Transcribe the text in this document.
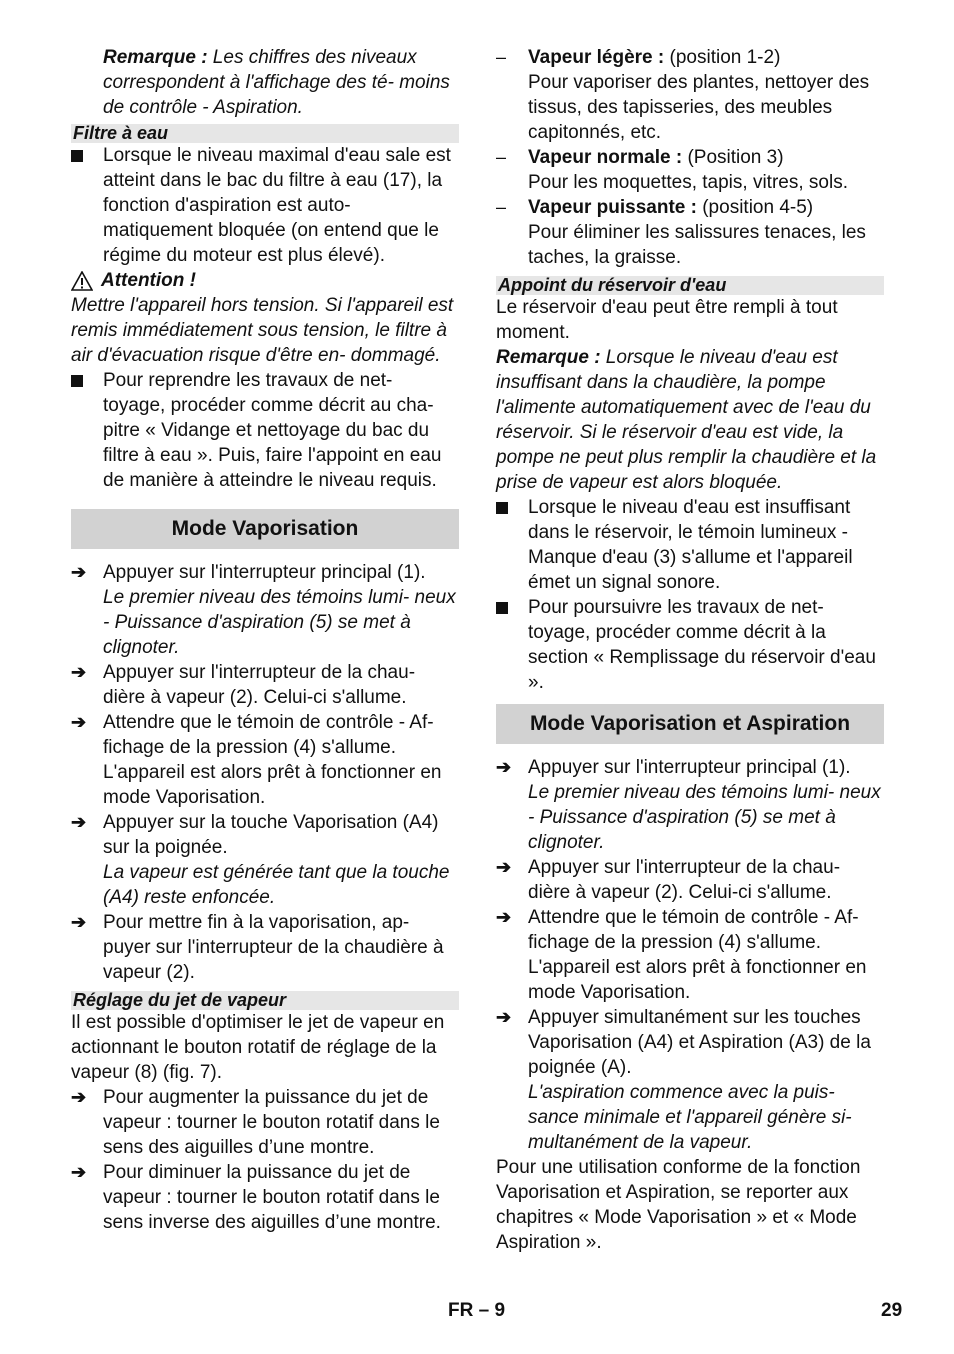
Remarque : Les chiffres des niveaux correspondent à l'affichage des té- moins de contrôle - Aspiration.

Filtre à eau

Lorsque le niveau maximal d'eau sale est atteint dans le bac du filtre à eau (17), la fonction d'aspiration est auto- matiquement bloquée (on entend que le régime du moteur est plus élevé).
Attention !

Mettre l'appareil hors tension. Si l'appareil est remis immédiatement sous tension, le filtre à air d'évacuation risque d'être en- dommagé.

Pour reprendre les travaux de net- toyage, procéder comme décrit au cha- pitre « Vidange et nettoyage du bac du filtre à eau ». Puis, faire l'appoint en eau de manière à atteindre le niveau requis.
Mode Vaporisation
➔ Appuyer sur l'interrupteur principal (1).
Le premier niveau des témoins lumi- neux - Puissance d'aspiration (5) se met à clignoter.
➔ Appuyer sur l'interrupteur de la chau- dière à vapeur (2). Celui-ci s'allume.
➔ Attendre que le témoin de contrôle - Af- fichage de la pression (4) s'allume. L'appareil est alors prêt à fonctionner en mode Vaporisation.
➔ Appuyer sur la touche Vaporisation (A4) sur la poignée.
La vapeur est générée tant que la touche (A4) reste enfoncée.
➔ Pour mettre fin à la vaporisation, ap- puyer sur l'interrupteur de la chaudière à vapeur (2).

Réglage du jet de vapeur

Il est possible d'optimiser le jet de vapeur en actionnant le bouton rotatif de réglage de la vapeur (8) (fig. 7).

➔ Pour augmenter la puissance du jet de vapeur : tourner le bouton rotatif dans le sens des aiguilles d’une montre.
➔ Pour diminuer la puissance du jet de vapeur : tourner le bouton rotatif dans le sens inverse des aiguilles d’une montre.
–	Vapeur légère : (position 1-2)
Pour vaporiser des plantes, nettoyer des tissus, des tapisseries, des meubles capitonnés, etc.
–	Vapeur normale : (Position 3)
Pour les moquettes, tapis, vitres, sols.
–	Vapeur puissante : (position 4-5)
Pour éliminer les salissures tenaces, les taches, la graisse.

Appoint du réservoir d'eau

Le réservoir d'eau peut être rempli à tout moment.

Remarque : Lorsque le niveau d'eau est insuffisant dans la chaudière, la pompe l'alimente automatiquement avec de l'eau du réservoir. Si le réservoir d'eau est vide, la pompe ne peut plus remplir la chaudière et la prise de vapeur est alors bloquée.

Lorsque le niveau d'eau est insuffisant dans le réservoir, le témoin lumineux - Manque d'eau (3) s'allume et l'appareil émet un signal sonore.
Pour poursuivre les travaux de net- toyage, procéder comme décrit à la section « Remplissage du réservoir d'eau ».
Mode Vaporisation et Aspiration
➔ Appuyer sur l'interrupteur principal (1).
Le premier niveau des témoins lumi- neux - Puissance d'aspiration (5) se met à clignoter.
➔ Appuyer sur l'interrupteur de la chau- dière à vapeur (2). Celui-ci s'allume.
➔ Attendre que le témoin de contrôle - Af- fichage de la pression (4) s'allume. L'appareil est alors prêt à fonctionner en mode Vaporisation.
➔ Appuyer simultanément sur les touches Vaporisation (A4) et Aspiration (A3) de la poignée (A).
L'aspiration commence avec la puis- sance minimale et l'appareil génère si- multanément de la vapeur.

Pour une utilisation conforme de la fonction Vaporisation et Aspiration, se reporter aux chapitres « Mode Vaporisation » et « Mode Aspiration ».

FR – 9	29
